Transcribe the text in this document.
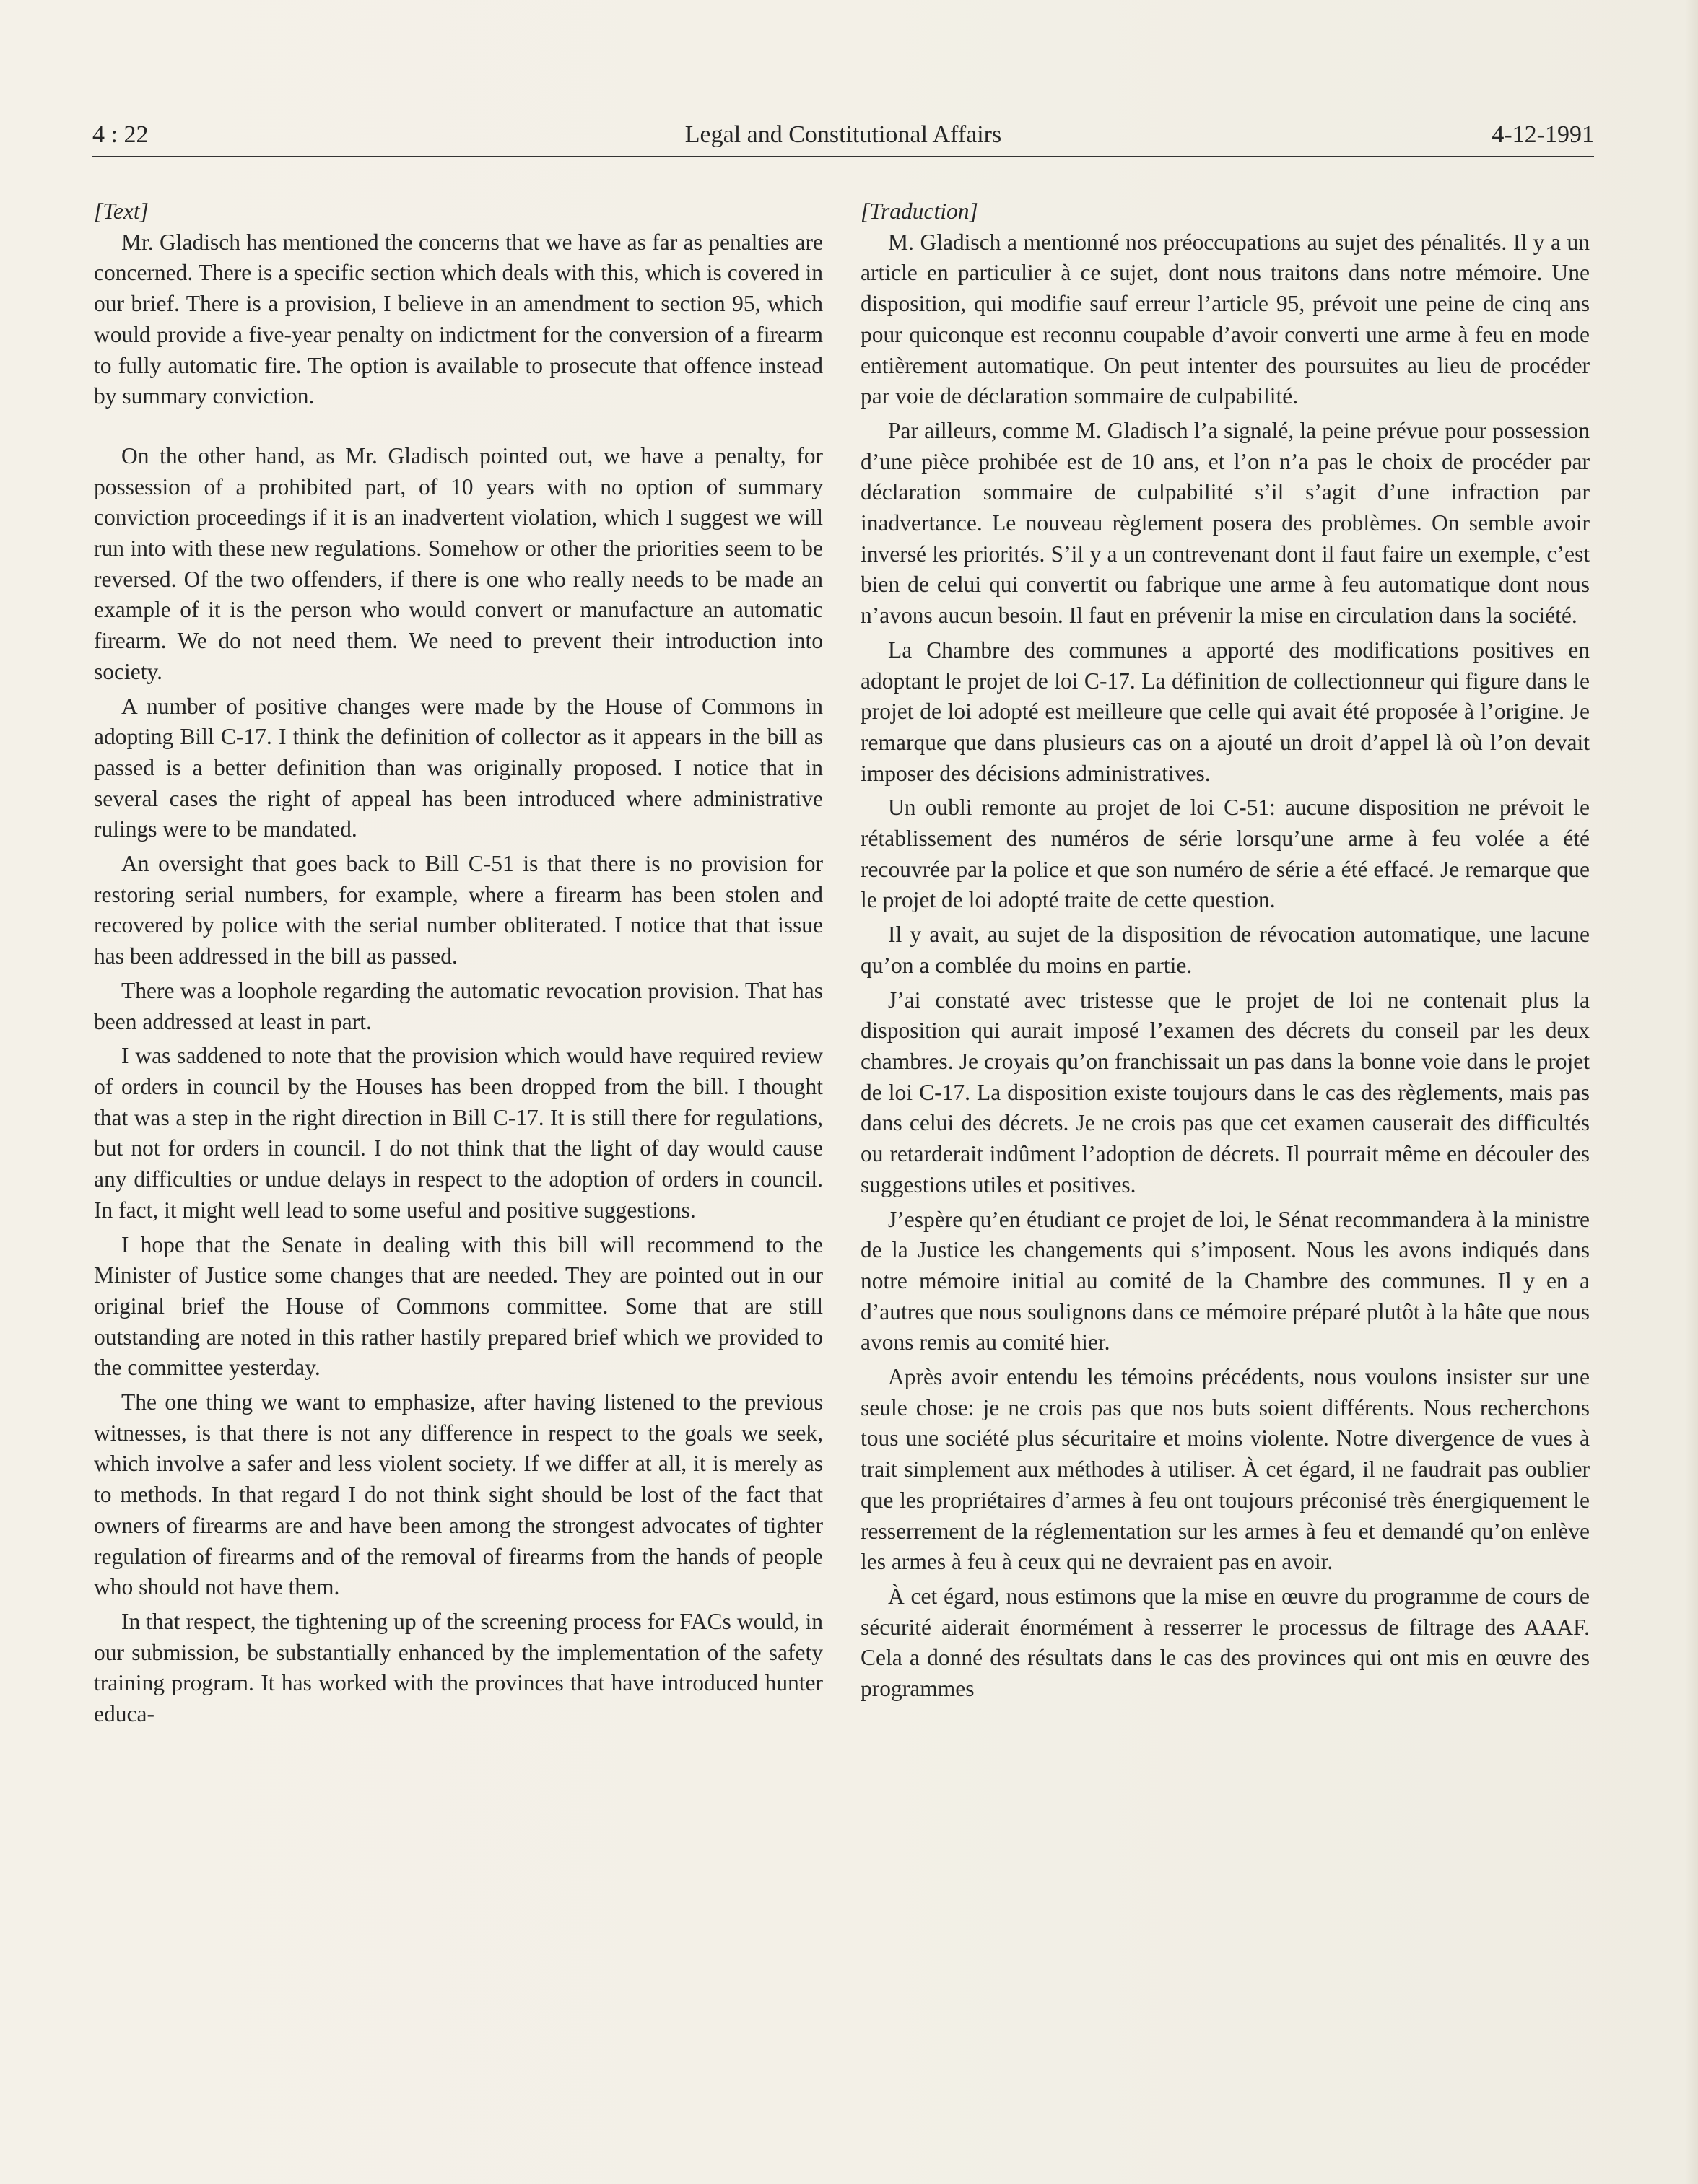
4 : 22	Legal and Constitutional Affairs	4-12-1991
[Text]

Mr. Gladisch has mentioned the concerns that we have as far as penalties are concerned. There is a specific section which deals with this, which is covered in our brief. There is a provision, I believe in an amendment to section 95, which would provide a five-year penalty on indictment for the conversion of a firearm to fully automatic fire. The option is available to prosecute that offence instead by summary conviction.

On the other hand, as Mr. Gladisch pointed out, we have a penalty, for possession of a prohibited part, of 10 years with no option of summary conviction proceedings if it is an inadvertent violation, which I suggest we will run into with these new regulations. Somehow or other the priorities seem to be reversed. Of the two offenders, if there is one who really needs to be made an example of it is the person who would convert or manufacture an automatic firearm. We do not need them. We need to prevent their introduction into society.

A number of positive changes were made by the House of Commons in adopting Bill C-17. I think the definition of collector as it appears in the bill as passed is a better definition than was originally proposed. I notice that in several cases the right of appeal has been introduced where administrative rulings were to be mandated.

An oversight that goes back to Bill C-51 is that there is no provision for restoring serial numbers, for example, where a firearm has been stolen and recovered by police with the serial number obliterated. I notice that that issue has been addressed in the bill as passed.

There was a loophole regarding the automatic revocation provision. That has been addressed at least in part.

I was saddened to note that the provision which would have required review of orders in council by the Houses has been dropped from the bill. I thought that was a step in the right direction in Bill C-17. It is still there for regulations, but not for orders in council. I do not think that the light of day would cause any difficulties or undue delays in respect to the adoption of orders in council. In fact, it might well lead to some useful and positive suggestions.

I hope that the Senate in dealing with this bill will recommend to the Minister of Justice some changes that are needed. They are pointed out in our original brief the House of Commons committee. Some that are still outstanding are noted in this rather hastily prepared brief which we provided to the committee yesterday.

The one thing we want to emphasize, after having listened to the previous witnesses, is that there is not any difference in respect to the goals we seek, which involve a safer and less violent society. If we differ at all, it is merely as to methods. In that regard I do not think sight should be lost of the fact that owners of firearms are and have been among the strongest advocates of tighter regulation of firearms and of the removal of firearms from the hands of people who should not have them.

In that respect, the tightening up of the screening process for FACs would, in our submission, be substantially enhanced by the implementation of the safety training program. It has worked with the provinces that have introduced hunter educa-

[Traduction]

M. Gladisch a mentionné nos préoccupations au sujet des pénalités. Il y a un article en particulier à ce sujet, dont nous traitons dans notre mémoire. Une disposition, qui modifie sauf erreur l’article 95, prévoit une peine de cinq ans pour quiconque est reconnu coupable d’avoir converti une arme à feu en mode entièrement automatique. On peut intenter des poursuites au lieu de procéder par voie de déclaration sommaire de culpabilité.

Par ailleurs, comme M. Gladisch l’a signalé, la peine prévue pour possession d’une pièce prohibée est de 10 ans, et l’on n’a pas le choix de procéder par déclaration sommaire de culpabilité s’il s’agit d’une infraction par inadvertance. Le nouveau règlement posera des problèmes. On semble avoir inversé les priorités. S’il y a un contrevenant dont il faut faire un exemple, c’est bien de celui qui convertit ou fabrique une arme à feu automatique dont nous n’avons aucun besoin. Il faut en prévenir la mise en circulation dans la société.

La Chambre des communes a apporté des modifications positives en adoptant le projet de loi C-17. La définition de collectionneur qui figure dans le projet de loi adopté est meilleure que celle qui avait été proposée à l’origine. Je remarque que dans plusieurs cas on a ajouté un droit d’appel là où l’on devait imposer des décisions administratives.

Un oubli remonte au projet de loi C-51: aucune disposition ne prévoit le rétablissement des numéros de série lorsqu’une arme à feu volée a été recouvrée par la police et que son numéro de série a été effacé. Je remarque que le projet de loi adopté traite de cette question.

Il y avait, au sujet de la disposition de révocation automatique, une lacune qu’on a comblée du moins en partie.

J’ai constaté avec tristesse que le projet de loi ne contenait plus la disposition qui aurait imposé l’examen des décrets du conseil par les deux chambres. Je croyais qu’on franchissait un pas dans la bonne voie dans le projet de loi C-17. La disposition existe toujours dans le cas des règlements, mais pas dans celui des décrets. Je ne crois pas que cet examen causerait des difficultés ou retarderait indûment l’adoption de décrets. Il pourrait même en découler des suggestions utiles et positives.

J’espère qu’en étudiant ce projet de loi, le Sénat recommandera à la ministre de la Justice les changements qui s’imposent. Nous les avons indiqués dans notre mémoire initial au comité de la Chambre des communes. Il y en a d’autres que nous soulignons dans ce mémoire préparé plutôt à la hâte que nous avons remis au comité hier.

Après avoir entendu les témoins précédents, nous voulons insister sur une seule chose: je ne crois pas que nos buts soient différents. Nous recherchons tous une société plus sécuritaire et moins violente. Notre divergence de vues à trait simplement aux méthodes à utiliser. À cet égard, il ne faudrait pas oublier que les propriétaires d’armes à feu ont toujours préconisé très énergiquement le resserrement de la réglementation sur les armes à feu et demandé qu’on enlève les armes à feu à ceux qui ne devraient pas en avoir.

À cet égard, nous estimons que la mise en œuvre du programme de cours de sécurité aiderait énormément à resserrer le processus de filtrage des AAAF. Cela a donné des résultats dans le cas des provinces qui ont mis en œuvre des programmes
